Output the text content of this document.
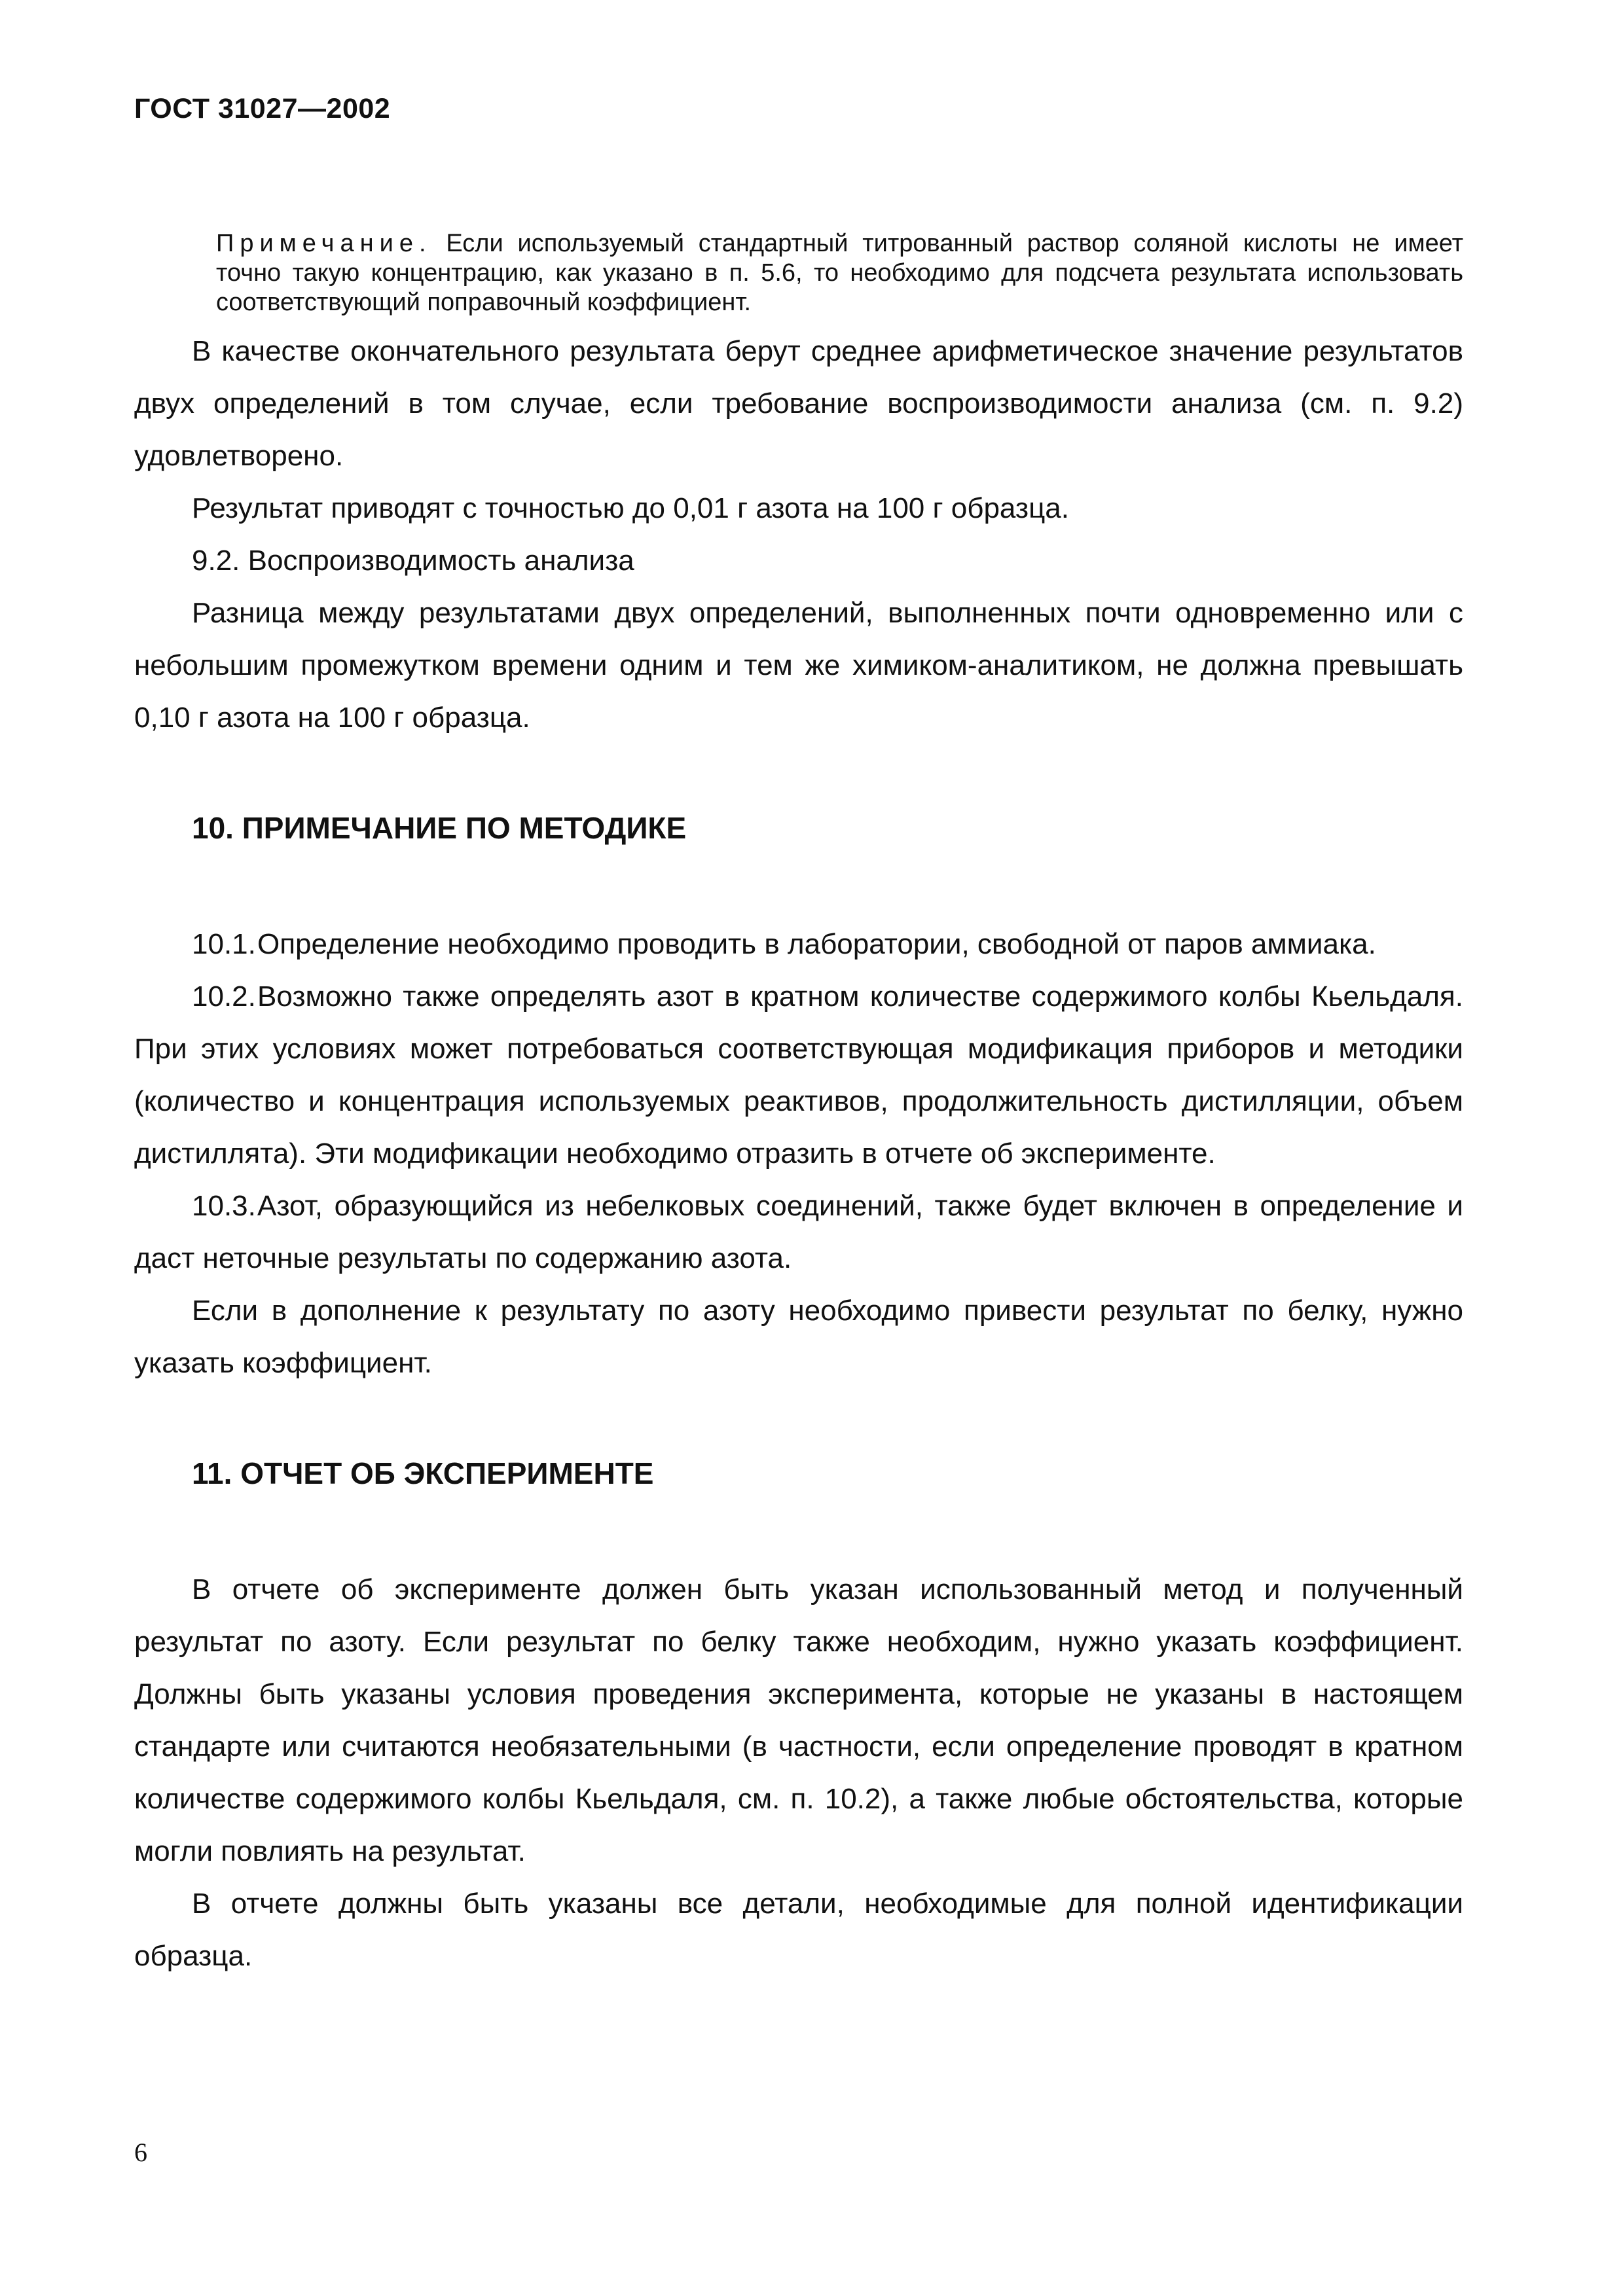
ГОСТ 31027—2002

Примечание. Если используемый стандартный титрованный раствор соляной кислоты не имеет точно такую концентрацию, как указано в п. 5.6, то необходимо для подсчета результата использовать соответствующий поправочный коэффициент.

В качестве окончательного результата берут среднее арифметическое значение результатов двух определений в том случае, если требование воспроизводимости анализа (см. п. 9.2) удовлетворено.

Результат приводят с точностью до 0,01 г азота на 100 г образца.

9.2. Воспроизводимость анализа

Разница между результатами двух определений, выполненных почти одновременно или с небольшим промежутком времени одним и тем же химиком-аналитиком, не должна превышать 0,10 г азота на 100 г образца.

10. ПРИМЕЧАНИЕ ПО МЕТОДИКЕ

10.1.Определение необходимо проводить в лаборатории, свободной от паров аммиака.

10.2.Возможно также определять азот в кратном количестве содержимого колбы Кьельдаля. При этих условиях может потребоваться соответствующая модификация приборов и методики (количество и концентрация используемых реактивов, продолжительность дистилляции, объем дистиллята). Эти модификации необходимо отразить в отчете об эксперименте.

10.3.Азот, образующийся из небелковых соединений, также будет включен в определение и даст неточные результаты по содержанию азота.

Если в дополнение к результату по азоту необходимо привести результат по белку, нужно указать коэффициент.

11. ОТЧЕТ ОБ ЭКСПЕРИМЕНТЕ

В отчете об эксперименте должен быть указан использованный метод и полученный результат по азоту. Если результат по белку также необходим, нужно указать коэффициент. Должны быть указаны условия проведения эксперимента, которые не указаны в настоящем стандарте или считаются необязательными (в частности, если определение проводят в кратном количестве содержимого колбы Кьельдаля, см. п. 10.2), а также любые обстоятельства, которые могли повлиять на результат.

В отчете должны быть указаны все детали, необходимые для полной идентификации образца.

6
